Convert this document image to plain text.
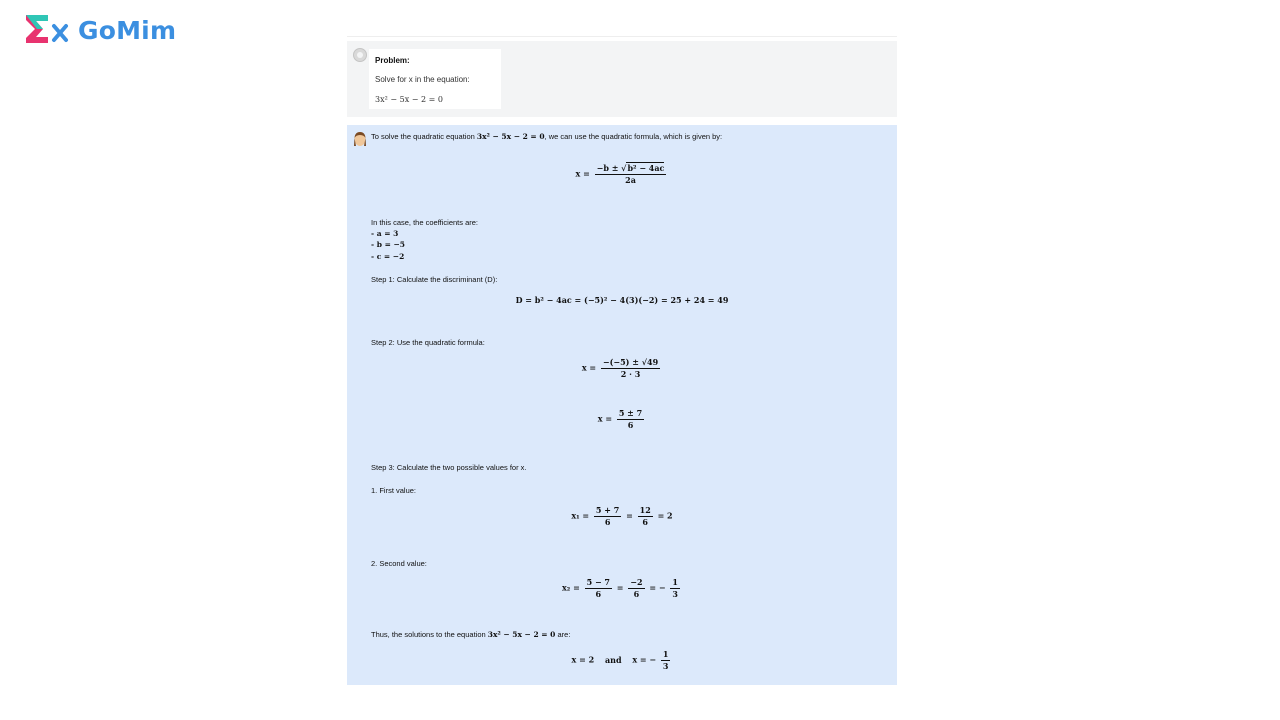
GoMim
Problem:
Solve for x in the equation:
3x² − 5x − 2 = 0
To solve the quadratic equation 3x² − 5x − 2 = 0, we can use the quadratic formula, which is given by:
$x = \frac{\text{−b ± √b² − 4ac}}{2a}$
In this case, the coefficients are:
- a = 3
- b = −5
- c = −2
Step 1: Calculate the discriminant (D):
D = b² − 4ac = (−5)² − 4(3)(−2) = 25 + 24 = 49
Step 2: Use the quadratic formula:
$x = \frac{-(-5) \pm √49}{2 \cdot 3}$
$x = \frac{5 \pm 7}{6}$
Step 3: Calculate the two possible values for x.
1. First value:
$x_1 = \frac{5 + 7}{6} = \frac{12}{6} = 2$
2. Second value:
$x_2 = \frac{5 - 7}{6} = \frac{-2}{6}$ = − $\frac{1}{3}$
Thus, the solutions to the equation 3x² − 5x − 2 = 0 are:
x = 2 and x = − $\frac{1}{3}$
